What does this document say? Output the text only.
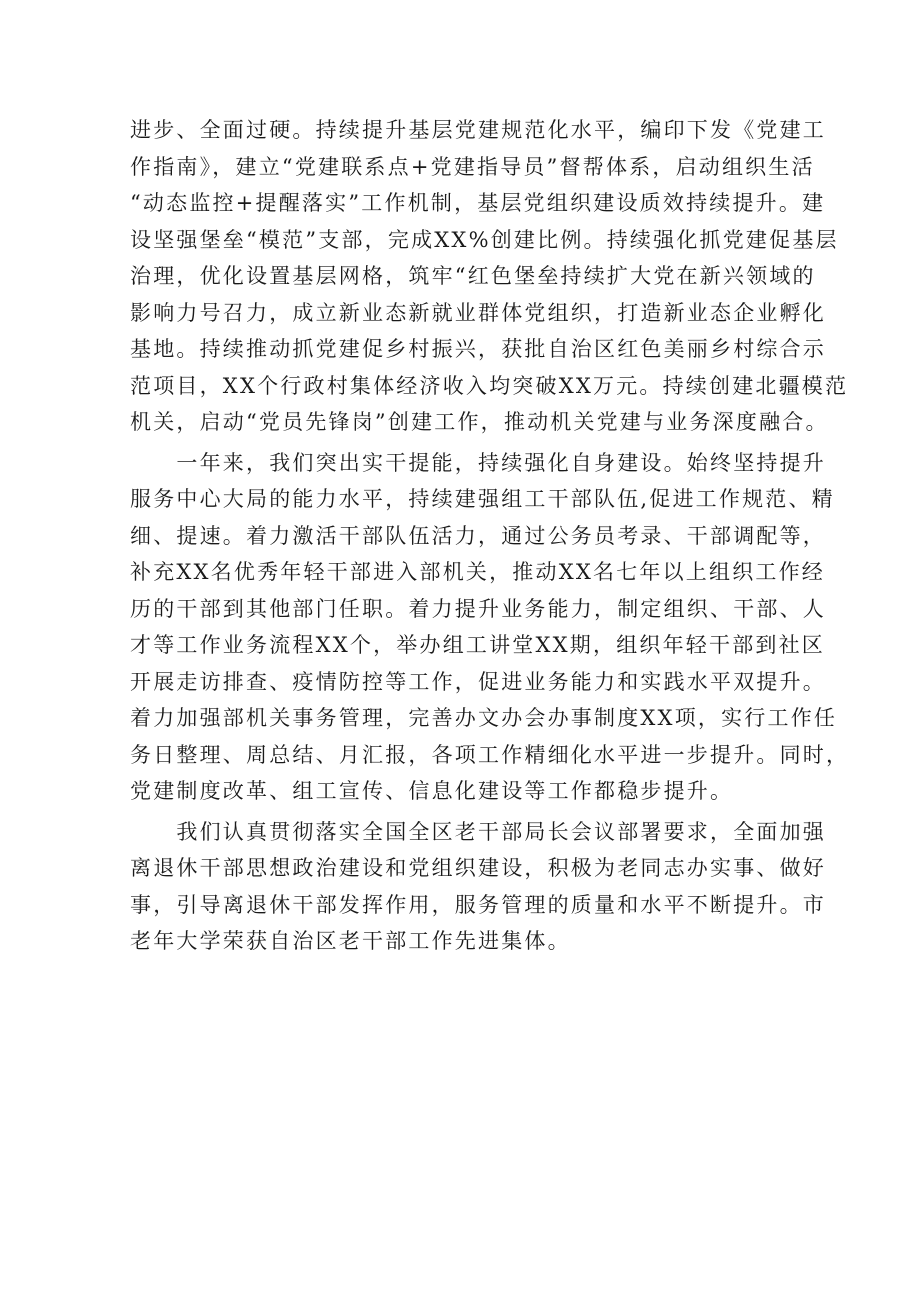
进步、全面过硬。持续提升基层党建规范化水平，编印下发《党建工
作指南》，建立“党建联系点+党建指导员”督帮体系，启动组织生活
“动态监控+提醒落实”工作机制，基层党组织建设质效持续提升。建
设坚强堡垒“模范”支部，完成XX%创建比例。持续强化抓党建促基层
治理，优化设置基层网格，筑牢“红色堡垒持续扩大党在新兴领域的
影响力号召力，成立新业态新就业群体党组织，打造新业态企业孵化
基地。持续推动抓党建促乡村振兴，获批自治区红色美丽乡村综合示
范项目，XX个行政村集体经济收入均突破XX万元。持续创建北疆模范
机关，启动“党员先锋岗”创建工作，推动机关党建与业务深度融合。
　　一年来，我们突出实干提能，持续强化自身建设。始终坚持提升
服务中心大局的能力水平，持续建强组工干部队伍,促进工作规范、精
细、提速。着力激活干部队伍活力，通过公务员考录、干部调配等，
补充XX名优秀年轻干部进入部机关，推动XX名七年以上组织工作经
历的干部到其他部门任职。着力提升业务能力，制定组织、干部、人
才等工作业务流程XX个，举办组工讲堂XX期，组织年轻干部到社区
开展走访排查、疫情防控等工作，促进业务能力和实践水平双提升。
着力加强部机关事务管理，完善办文办会办事制度XX项，实行工作任
务日整理、周总结、月汇报，各项工作精细化水平进一步提升。同时，
党建制度改革、组工宣传、信息化建设等工作都稳步提升。
　　我们认真贯彻落实全国全区老干部局长会议部署要求，全面加强
离退休干部思想政治建设和党组织建设，积极为老同志办实事、做好
事，引导离退休干部发挥作用，服务管理的质量和水平不断提升。市
老年大学荣获自治区老干部工作先进集体。
